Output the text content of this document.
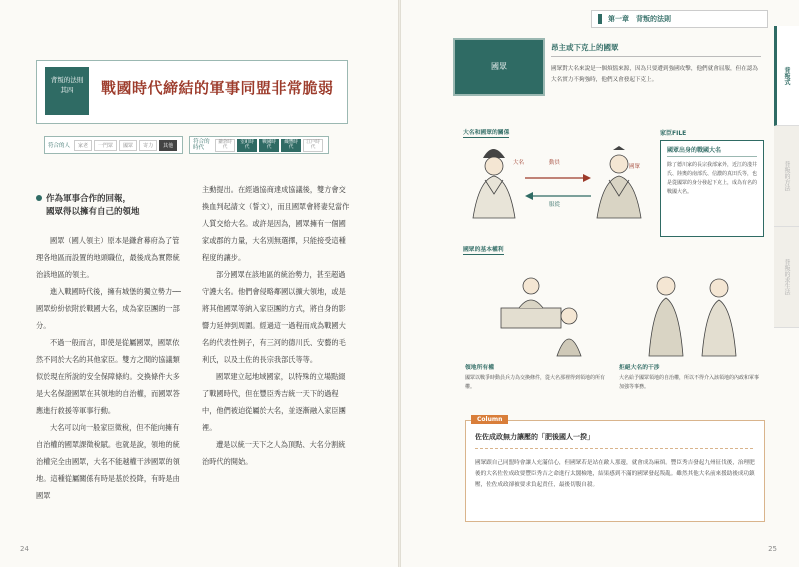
背叛的法則
其四	戰國時代締結的軍事同盟非常脆弱
符合的人	家老	一門眾	國眾	寄力	其他
符合的時代
鎌倉時代
室町時代
戰國時代
織豐時代
江戶時代
作為軍事合作的回報，
國眾得以擁有自己的領地

國眾（國人領主）原本是鎌倉幕府為了管理各地區而設置的地頭職位，最後成為實際統治該地區的領主。

進入戰國時代後，擁有城堡的獨立勢力──國眾紛紛依附於戰國大名，成為家臣團的一部分。

不過一般而言，即使是從屬國眾，國眾依然不同於大名的其他家臣。雙方之間的協議類似於現在所說的安全保障條約。交換條件大多是大名保證國眾在其領地的自治權，而國眾答應進行救援等軍事行動。

大名可以向一般家臣徵稅，但不能向擁有自治權的國眾課徵稅賦。也就是說，領地的統治權完全由國眾，大名不能越權干涉國眾的領地。這種從屬關係有時是基於投降，有時是由國眾

主動提出。在經過協商達成協議後，雙方會交換血判起請文（誓文），而且國眾會將妻兒當作人質交給大名。或許是因為，國眾擁有一個國家或郡的力量，大名別無選擇，只能接受這種程度的讓步。

部分國眾在該地區的統治勢力，甚至超過守護大名。他們會侵略鄰國以擴大領地，或是將其他國眾等納入家臣團的方式，將自身的影響力延伸到周圍。經過這一過程而成為戰國大名的代表性例子，有三河的德川氏、安藝的毛利氏，以及土佐的長宗我部氏等等。

國眾建立起地域國家，以特殊的立場點綴了戰國時代，但在豐臣秀吉統一天下的過程中，他們被迫從屬於大名，並逐漸融入家臣團裡。

遭是以統一天下之人為頂點、大名分割統治時代的開始。

24
第一章　背叛的法則
背叛式
背叛的方法
背叛的求生法
國眾
昂主或下克上的國眾
國眾對大名來說是一個煩惱來源，因為只要遭到強國攻擊，他們就會屈服，但在認為大名實力不夠強時，他們又會發起下克上。
大名和國眾的關係
大名
國眾
動員
服從
家臣FILE
國眾出身的戰國大名
除了德川家的長宗我部家外，近江的淺井氏、陸奧的南部氏、信濃的真田氏等，也是從國眾的身分發起下克上，成為有名的戰國大名。
國眾的基本權利
領地所有權
國眾以戰爭時動員兵力為交換條件，從大名那裡得到領地的所有權。
拒絕大名的干涉
大名給予國眾領地的自治權，所以不得介入該領地的內政和軍事加強等事務。
Column
佐佐成政無力讓壓的「肥後國人一揆」
國眾跟自己同盟時會讓人充滿信心，但國眾若是站在敵人那邊，就會成為麻煩。豐臣秀吉發起九州征伐後，治理肥後的大名佐佐成政要豐臣秀吉之命進行太閣檢地，結果感到不滿的國眾發起叛亂。雖然其他大名前來援助後成功鎮壓，佐佐成政卻被要求負起責任，最後切腹自殺。
25
